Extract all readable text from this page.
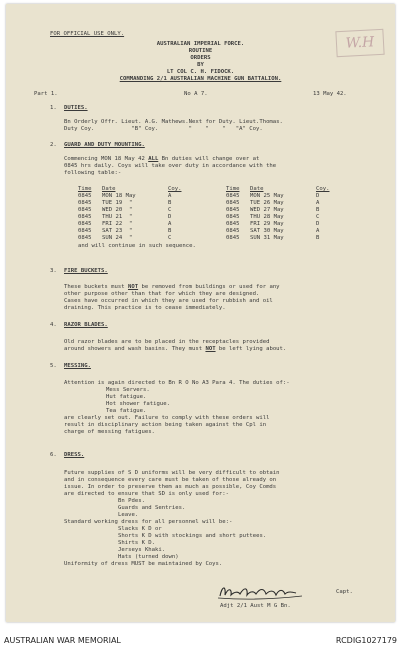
FOR OFFICIAL USE ONLY.
W.H
AUSTRALIAN IMPERIAL FORCE.
ROUTINE
ORDERS
BY
LT COL C. H. FIDOCK.
COMMANDING 2/1 AUSTRALIAN MACHINE GUN BATTALION.
Part 1.	No A 7.	13 May 42.
1. DUTIES.
Bn Orderly Offr. Lieut. A.G. Mathews.Next for Duty. Lieut.Thomas.
Duty Coy.           "B" Coy.         "    "    "   "A" Coy.
2. GUARD AND DUTY MOUNTING.
Commencing MON 18 May 42 ALL Bn duties will change over at
0845 hrs daily. Coys will take over duty in accordance with the
following table:-
Time Date	Coy.
0845 MON 18 May	A
0845 TUE 19  "	B
0845 WED 20  "	C
0845 THU 21  "	D
0845 FRI 22  "	A
0845 SAT 23  "	B
0845 SUN 24  "	C
Time Date	Coy.
0845 MON 25 May	D
0845 TUE 26 May	A
0845 WED 27 May	B
0845 THU 28 May	C
0845 FRI 29 May	D
0845 SAT 30 May	A
0845 SUN 31 May	B
and will continue in such sequence.
3. FIRE BUCKETS.
These buckets must NOT be removed from buildings or used for any
other purpose other than that for which they are designed.
Cases have occurred in which they are used for rubbish and oil
draining. This practice is to cease immediately.
4. RAZOR BLADES.
Old razor blades are to be placed in the receptacles provided
around showers and wash basins. They must NOT be left lying about.
5. MESSING.
Attention is again directed to Bn R O No A3 Para 4. The duties of:-
Mess Servers.
Hut fatigue.
Hot shower fatigue.
Tea fatigue.
are clearly set out. Failure to comply with these orders will
result in disciplinary action being taken against the Cpl in
charge of messing fatigues.
6. DRESS.
Future supplies of S D uniforms will be very difficult to obtain
and in consequence every care must be taken of those already on
issue. In order to preserve them as much as possible, Coy Comds
are directed to ensure that SD is only used for:-
Bn Pdes.
Guards and Sentries.
Leave.
Standard working dress for all personnel will be:-
Slacks K D or
Shorts K D with stockings and short puttees.
Shirts K D.
Jerseys Khaki.
Hats (turned down)
Uniformity of dress MUST be maintained by Coys.
Capt.
Adjt 2/1 Aust M G Bn.
AUSTRALIAN WAR MEMORIAL	RCDIG1027179
